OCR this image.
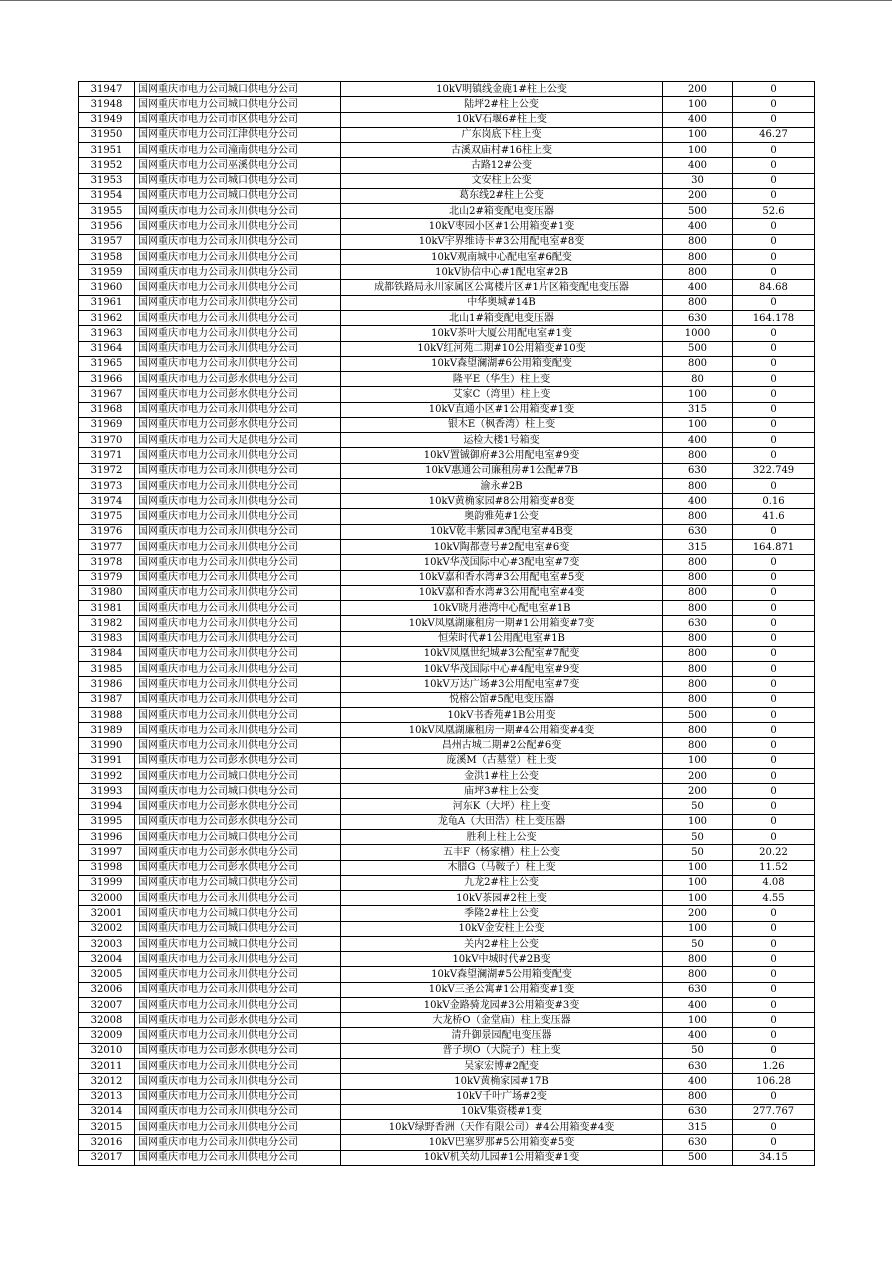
31947	国网重庆市电力公司城口供电分公司	10kV明镇线金鹿1#柱上公变	200	0
31948	国网重庆市电力公司城口供电分公司	陆坪2#柱上公变	100	0
31949	国网重庆市电力公司市区供电分公司	10kV石堰6#柱上变	400	0
31950	国网重庆市电力公司江津供电分公司	广东岗底下柱上变	100	46.27
31951	国网重庆市电力公司潼南供电分公司	古溪双庙村#16柱上变	100	0
31952	国网重庆市电力公司巫溪供电分公司	古路12#公变	400	0
31953	国网重庆市电力公司城口供电分公司	文安柱上公变	30	0
31954	国网重庆市电力公司城口供电分公司	葛东线2#柱上公变	200	0
31955	国网重庆市电力公司永川供电分公司	北山2#箱变配电变压器	500	52.6
31956	国网重庆市电力公司永川供电分公司	10kV枣园小区#1公用箱变#1变	400	0
31957	国网重庆市电力公司永川供电分公司	10kV宇界维诗卡#3公用配电室#8变	800	0
31958	国网重庆市电力公司永川供电分公司	10kV观南城中心配电室#6配变	800	0
31959	国网重庆市电力公司永川供电分公司	10kV协信中心#1配电室#2B	800	0
31960	国网重庆市电力公司永川供电分公司	成都铁路局永川家属区公寓楼片区#1片区箱变配电变压器	400	84.68
31961	国网重庆市电力公司永川供电分公司	中华奥城#14B	800	0
31962	国网重庆市电力公司永川供电分公司	北山1#箱变配电变压器	630	164.178
31963	国网重庆市电力公司永川供电分公司	10kV茶叶大厦公用配电室#1变	1000	0
31964	国网重庆市电力公司永川供电分公司	10kV红河苑二期#10公用箱变#10变	500	0
31965	国网重庆市电力公司永川供电分公司	10kV森望澜湖#6公用箱变配变	800	0
31966	国网重庆市电力公司彭水供电分公司	隆平E（华生）柱上变	80	0
31967	国网重庆市电力公司彭水供电分公司	艾家C（湾里）柱上变	100	0
31968	国网重庆市电力公司永川供电分公司	10kV直通小区#1公用箱变#1变	315	0
31969	国网重庆市电力公司彭水供电分公司	银木E（枫香湾）柱上变	100	0
31970	国网重庆市电力公司大足供电分公司	运检大楼1号箱变	400	0
31971	国网重庆市电力公司永川供电分公司	10kV置铖御府#3公用配电室#9变	800	0
31972	国网重庆市电力公司永川供电分公司	10kV惠通公司廉租房#1公配#7B	630	322.749
31973	国网重庆市电力公司永川供电分公司	渝永#2B	800	0
31974	国网重庆市电力公司永川供电分公司	10kV黄桷家园#8公用箱变#8变	400	0.16
31975	国网重庆市电力公司永川供电分公司	奥韵雅苑#1公变	800	41.6
31976	国网重庆市电力公司永川供电分公司	10kV乾丰紫园#3配电室#4B变	630	0
31977	国网重庆市电力公司永川供电分公司	10kV陶都壹号#2配电室#6变	315	164.871
31978	国网重庆市电力公司永川供电分公司	10kV华茂国际中心#3配电室#7变	800	0
31979	国网重庆市电力公司永川供电分公司	10kV嘉和香水湾#3公用配电室#5变	800	0
31980	国网重庆市电力公司永川供电分公司	10kV嘉和香水湾#3公用配电室#4变	800	0
31981	国网重庆市电力公司永川供电分公司	10kV晓月港湾中心配电室#1B	800	0
31982	国网重庆市电力公司永川供电分公司	10kV凤凰湖廉租房一期#1公用箱变#7变	630	0
31983	国网重庆市电力公司永川供电分公司	恒荣时代#1公用配电室#1B	800	0
31984	国网重庆市电力公司永川供电分公司	10kV凤凰世纪城#3公配室#7配变	800	0
31985	国网重庆市电力公司永川供电分公司	10kV华茂国际中心#4配电室#9变	800	0
31986	国网重庆市电力公司永川供电分公司	10kV万达广场#3公用配电室#7变	800	0
31987	国网重庆市电力公司永川供电分公司	悦榕公馆#5配电变压器	800	0
31988	国网重庆市电力公司永川供电分公司	10kV书香苑#1B公用变	500	0
31989	国网重庆市电力公司永川供电分公司	10kV凤凰湖廉租房一期#4公用箱变#4变	800	0
31990	国网重庆市电力公司永川供电分公司	昌州古城二期#2公配#6变	800	0
31991	国网重庆市电力公司彭水供电分公司	庞溪M（古墓堂）柱上变	100	0
31992	国网重庆市电力公司城口供电分公司	金洪1#柱上公变	200	0
31993	国网重庆市电力公司城口供电分公司	庙坪3#柱上公变	200	0
31994	国网重庆市电力公司彭水供电分公司	河东K（大坪）柱上变	50	0
31995	国网重庆市电力公司彭水供电分公司	龙龟A（大田浩）柱上变压器	100	0
31996	国网重庆市电力公司城口供电分公司	胜利上柱上公变	50	0
31997	国网重庆市电力公司彭水供电分公司	五丰F（杨家槽）柱上公变	50	20.22
31998	国网重庆市电力公司彭水供电分公司	木腊G（马鞍子）柱上变	100	11.52
31999	国网重庆市电力公司城口供电分公司	九龙2#柱上公变	100	4.08
32000	国网重庆市电力公司永川供电分公司	10kV茶园#2柱上变	100	4.55
32001	国网重庆市电力公司城口供电分公司	季隆2#柱上公变	200	0
32002	国网重庆市电力公司城口供电分公司	10kV金安柱上公变	100	0
32003	国网重庆市电力公司城口供电分公司	关内2#柱上公变	50	0
32004	国网重庆市电力公司永川供电分公司	10kV中城时代#2B变	800	0
32005	国网重庆市电力公司永川供电分公司	10kV森望澜湖#5公用箱变配变	800	0
32006	国网重庆市电力公司永川供电分公司	10kV三圣公寓#1公用箱变#1变	630	0
32007	国网重庆市电力公司永川供电分公司	10kV金路骑龙园#3公用箱变#3变	400	0
32008	国网重庆市电力公司彭水供电分公司	大龙桥O（金堂庙）柱上变压器	100	0
32009	国网重庆市电力公司永川供电分公司	清升御景园配电变压器	400	0
32010	国网重庆市电力公司彭水供电分公司	普子坝O（大院子）柱上变	50	0
32011	国网重庆市电力公司永川供电分公司	吴家宏博#2配变	630	1.26
32012	国网重庆市电力公司永川供电分公司	10kV黄桷家园#17B	400	106.28
32013	国网重庆市电力公司永川供电分公司	10kV千叶广场#2变	800	0
32014	国网重庆市电力公司永川供电分公司	10kV集资楼#1变	630	277.767
32015	国网重庆市电力公司永川供电分公司	10kV绿野香洲（天作有限公司）#4公用箱变#4变	315	0
32016	国网重庆市电力公司永川供电分公司	10kV巴塞罗那#5公用箱变#5变	630	0
32017	国网重庆市电力公司永川供电分公司	10kV机关幼儿园#1公用箱变#1变	500	34.15
